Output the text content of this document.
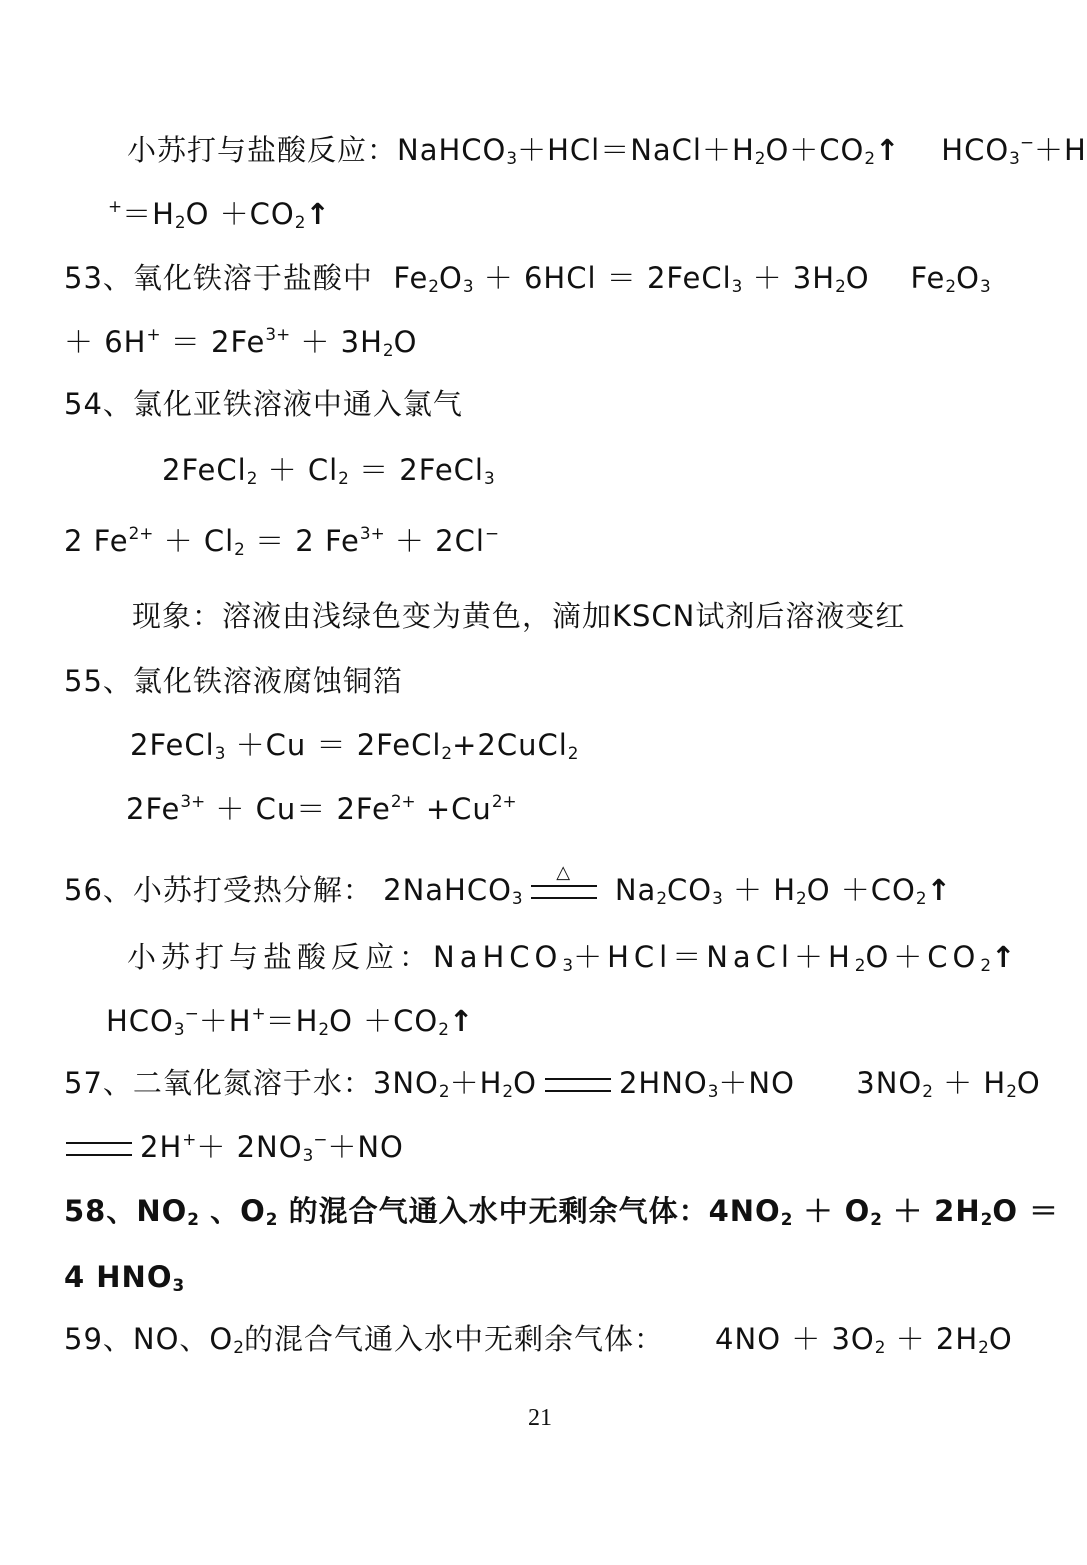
小苏打与盐酸反应：$NaHCO_3+HCl=NaCl+H_2O+CO_2↑$    $HCO_3^-+H$
$^+=H_2O$ $+CO_2↑$
53、氧化铁溶于盐酸中  $Fe_2O_3 + 6HCl$ ＝ 2FeCl$_3$ ＋ $3H_2O$    $Fe_2O_3$
＋ $6H^+ = 2Fe^{3+} + 3H_2O$
54、氯化亚铁溶液中通入氯气
2FeCl$_2$ ＋ $Cl_2$ ＝ 2FeCl$_3$
2 $Fe^{2+} + Cl_2 = 2$ $Fe^{3+} + 2Cl^-$
现象：溶液由浅绿色变为黄色，滴加KSCN试剂后溶液变红
55、氯化铁溶液腐蚀铜箔
2FeCl$_3$ ＋Cu ＝ 2FeCl$_2$+2CuCl$_2$
$2Fe^{3+} + Cu= 2Fe^{2+} +Cu^{2+}$
56、小苏打受热分解： 2NaHCO$_3$
△
$Na_2CO_3 + H_2O$ $+CO_2↑$
小苏打与盐酸反应：$NaHCO_3+HCl=NaCl+H_2O+CO_2↑$
$HCO_3^-+H^+=H_2O$ $+CO_2↑$
57、二氧化氮溶于水：$3NO_2+H_2O$	$2HNO_3+NO$      $3NO_2 + H_2O$
$2H^++ 2NO_3^-+NO$
58、$NO_2$ 、$O_2$ 的混合气通入水中无剩余气体：$4NO_2 + O_2 + 2H_2O$ ＝
4 $HNO_3$
59、NO、$O_2$的混合气通入水中无剩余气体：     $4NO + 3O_2 + 2H_2O$
21
